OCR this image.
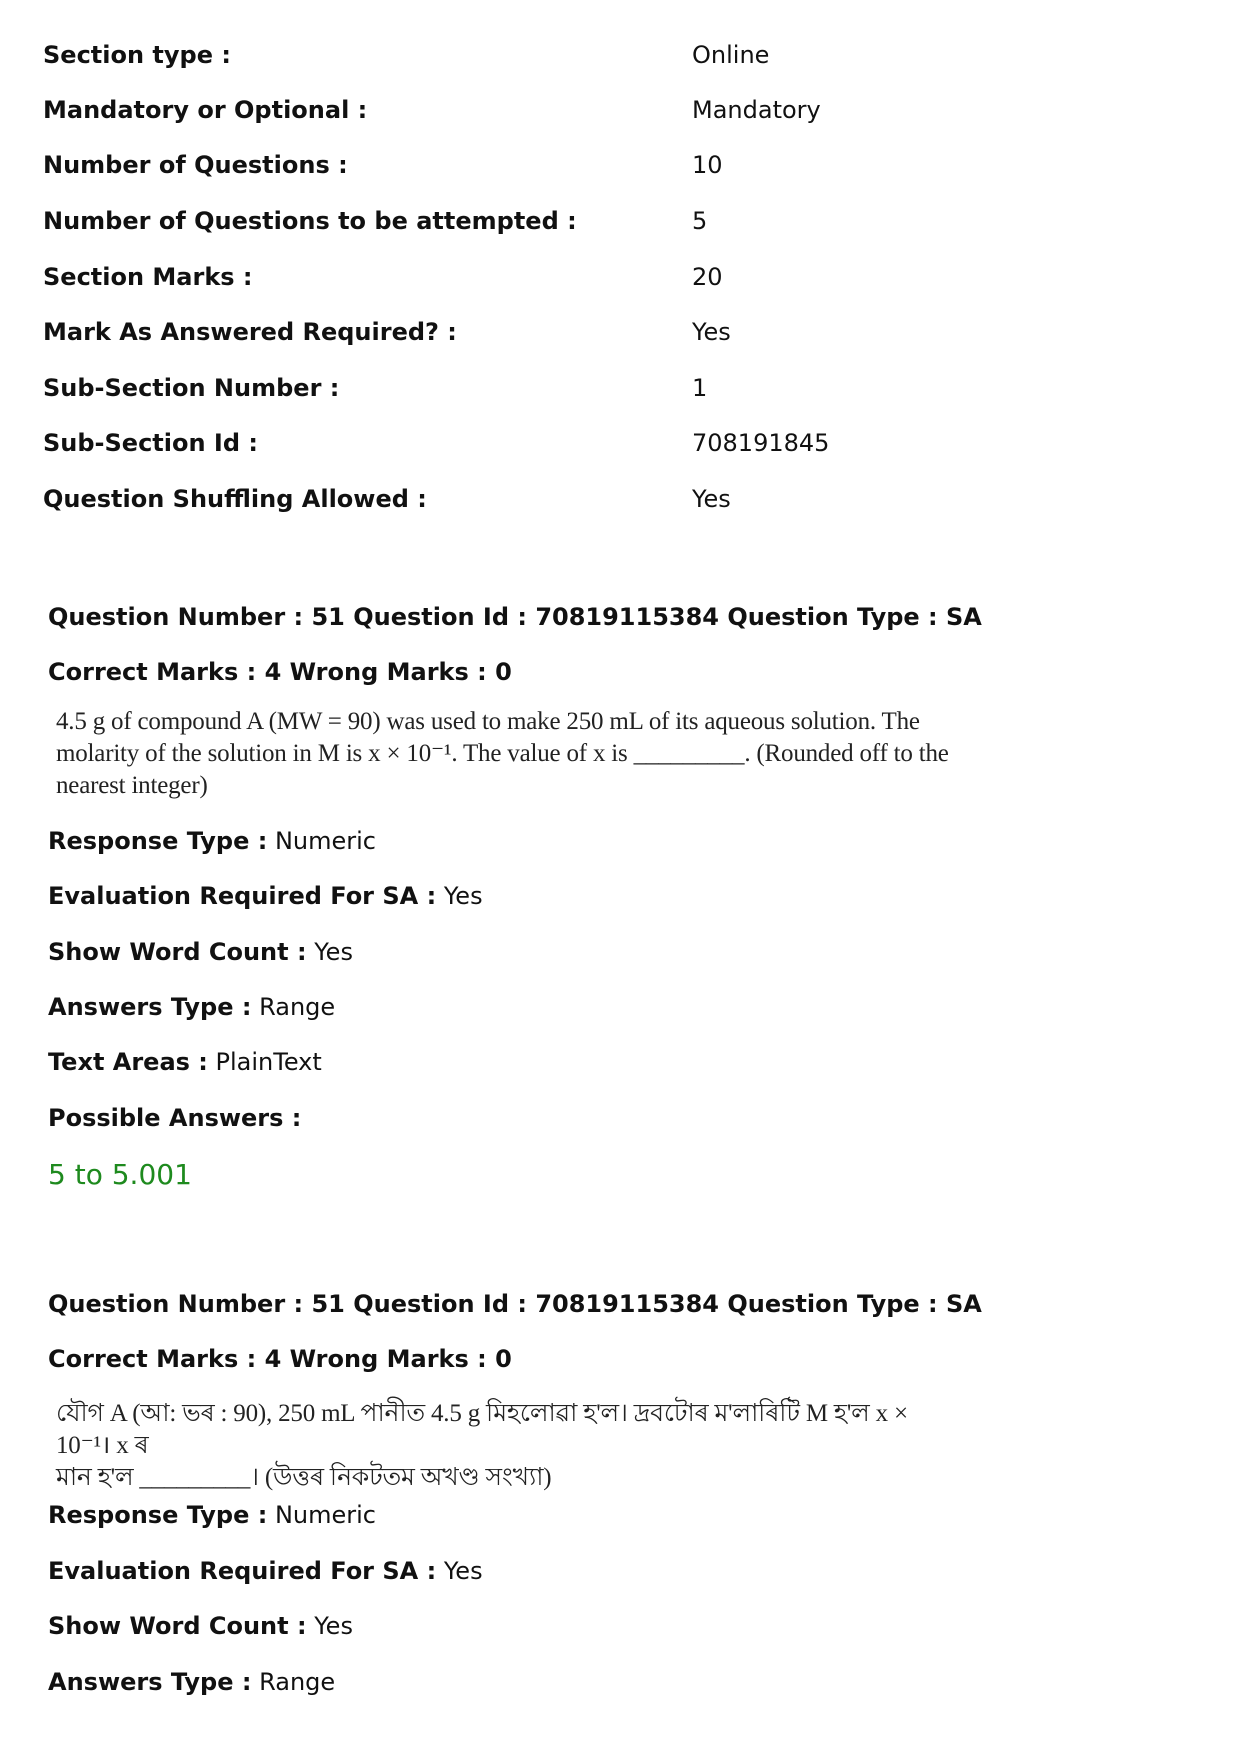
Section type :	Online
Mandatory or Optional :	Mandatory
Number of Questions :	10
Number of Questions to be attempted :	5
Section Marks :	20
Mark As Answered Required? :	Yes
Sub-Section Number :	1
Sub-Section Id :	708191845
Question Shuffling Allowed :	Yes
Question Number : 51 Question Id : 70819115384 Question Type : SA
Correct Marks : 4 Wrong Marks : 0
4.5 g of compound A (MW = 90) was used to make 250 mL of its aqueous solution. The
molarity of the solution in M is x × 10⁻¹. The value of x is _________. (Rounded off to the
nearest integer)
Response Type : Numeric
Evaluation Required For SA : Yes
Show Word Count : Yes
Answers Type : Range
Text Areas : PlainText
Possible Answers :
5 to 5.001
Question Number : 51 Question Id : 70819115384 Question Type : SA
Correct Marks : 4 Wrong Marks : 0
যৌগ A (আ: ভৰ : 90), 250 mL পানীত 4.5 g মিহলোৱা হ'ল। দ্ৰবটোৰ ম'লাৰিটি M হ'ল x × 10⁻¹। x ৰ
মান হ'ল _________। (উত্তৰ নিকটতম অখণ্ড সংখ্যা)
Response Type : Numeric
Evaluation Required For SA : Yes
Show Word Count : Yes
Answers Type : Range
